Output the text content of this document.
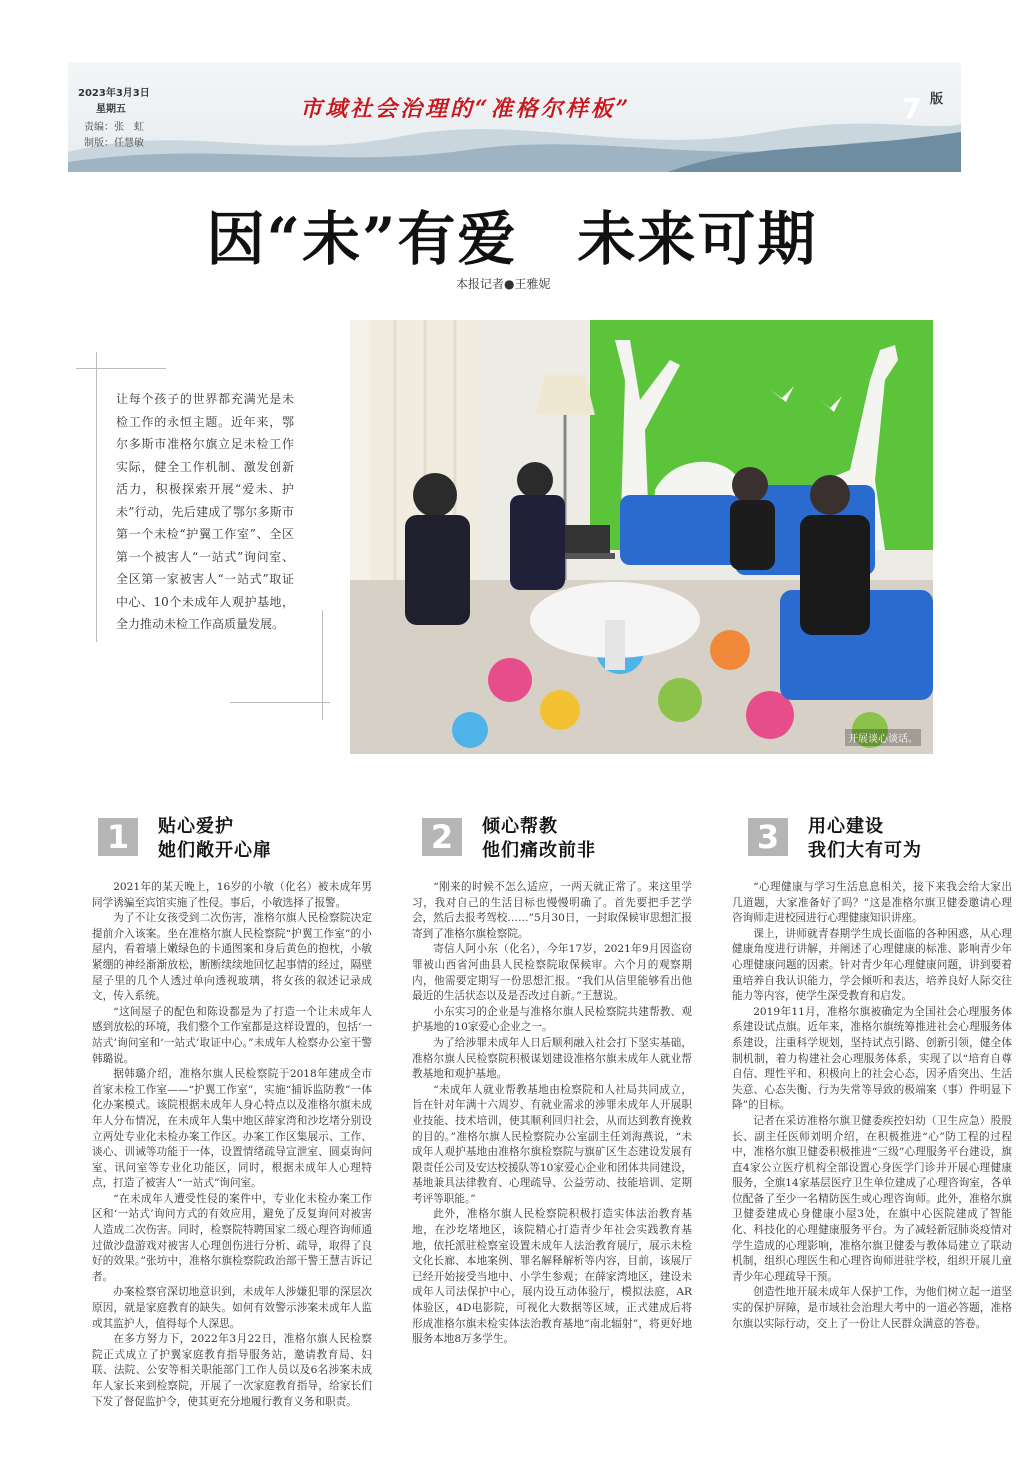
2023年3月3日
星期五
责编：张　虹
制版：任慧敏
市域社会治理的“准格尔样板”	7 版
因“未”有爱　未来可期
本报记者●王雅妮
让每个孩子的世界都充满光是未检工作的永恒主题。近年来，鄂尔多斯市准格尔旗立足未检工作实际，健全工作机制、激发创新活力，积极探索开展“爱未、护未”行动，先后建成了鄂尔多斯市第一个未检“护翼工作室”、全区第一个被害人“一站式”询问室、全区第一家被害人“一站式”取证中心、10个未成年人观护基地，全力推动未检工作高质量发展。
开展谈心谈话。
1	贴心爱护
她们敞开心扉	2	倾心帮教
他们痛改前非	3	用心建设
我们大有可为

2021年的某天晚上，16岁的小敏（化名）被未成年男同学诱骗至宾馆实施了性侵。事后，小敏选择了报警。

为了不让女孩受到二次伤害，准格尔旗人民检察院决定提前介入该案。坐在准格尔旗人民检察院“护翼工作室”的小屋内，看着墙上嫩绿色的卡通图案和身后黄色的抱枕，小敏紧绷的神经渐渐放松，断断续续地回忆起事情的经过，隔壁屋子里的几个人透过单向透视玻璃，将女孩的叙述记录成文，传入系统。

“这间屋子的配色和陈设都是为了打造一个让未成年人感到放松的环境，我们整个工作室都是这样设置的，包括‘一站式’询问室和‘一站式’取证中心。”未成年人检察办公室干警韩璐说。

据韩璐介绍，准格尔旗人民检察院于2018年建成全市首家未检工作室——“护翼工作室”，实施“捕诉监防教”一体化办案模式。该院根据未成年人身心特点以及准格尔旗未成年人分布情况，在未成年人集中地区薛家湾和沙圪堵分别设立两处专业化未检办案工作区。办案工作区集展示、工作、谈心、训诫等功能于一体，设置情绪疏导宣泄室、圆桌询问室、讯问室等专业化功能区，同时，根据未成年人心理特点，打造了被害人“一站式”询问室。

“在未成年人遭受性侵的案件中，专业化未检办案工作区和‘一站式’询问方式的有效应用，避免了反复询问对被害人造成二次伤害。同时，检察院特聘国家二级心理咨询师通过做沙盘游戏对被害人心理创伤进行分析、疏导，取得了良好的效果。”张坊中，准格尔旗检察院政治部干警王慧吉诉记者。

办案检察官深切地意识到，未成年人涉嫌犯罪的深层次原因，就是家庭教育的缺失。如何有效警示涉案未成年人监或其监护人，值得每个人深思。

在多方努力下，2022年3月22日，准格尔旗人民检察院正式成立了护翼家庭教育指导服务站，邀请教育局、妇联、法院、公安等相关职能部门工作人员以及6名涉案未成年人家长来到检察院，开展了一次家庭教育指导，给家长们下发了督促监护令，使其更充分地履行教育义务和职责。

“刚来的时候不怎么适应，一两天就正常了。来这里学习，我对自己的生活目标也慢慢明确了。首先要把手艺学会，然后去报考驾校……”5月30日，一封取保候审思想汇报寄到了准格尔旗检察院。

寄信人阿小东（化名），今年17岁，2021年9月因盗窃罪被山西省河曲县人民检察院取保候审。六个月的观察期内，他需要定期写一份思想汇报。“我们从信里能够看出他最近的生活状态以及是否改过自新。”王慧说。

小东实习的企业是与准格尔旗人民检察院共建帮教、观护基地的10家爱心企业之一。

为了给涉罪未成年人日后顺利融入社会打下坚实基础，准格尔旗人民检察院积极谋划建设准格尔旗未成年人就业帮教基地和观护基地。

“未成年人就业帮教基地由检察院和人社局共同成立，旨在针对年满十六周岁、有就业需求的涉罪未成年人开展职业技能、技术培训，使其顺利回归社会，从而达到教育挽救的目的。”准格尔旗人民检察院办公室副主任刘海燕说，“未成年人观护基地由准格尔旗检察院与旗矿区生态建设发展有限责任公司及安达校援队等10家爱心企业和团体共同建设，基地兼具法律教育、心理疏导、公益劳动、技能培训、定期考评等职能。”

此外，准格尔旗人民检察院积极打造实体法治教育基地，在沙圪堵地区，该院精心打造青少年社会实践教育基地，依托派驻检察室设置未成年人法治教育展厅，展示未检文化长廊、本地案例、罪名解释解析等内容，目前，该展厅已经开始接受当地中、小学生参观；在薛家湾地区，建设未成年人司法保护中心，展内设互动体验厅，模拟法庭，AR体验区，4D电影院，可视化大数据等区域，正式建成后将形成准格尔旗未检实体法治教育基地“南北辐射”，将更好地服务本地8万多学生。

“心理健康与学习生活息息相关，接下来我会给大家出几道题，大家准备好了吗？”这是准格尔旗卫健委邀请心理咨询师走进校园进行心理健康知识讲座。

课上，讲师就青春期学生成长面临的各种困惑，从心理健康角度进行讲解，并阐述了心理健康的标准、影响青少年心理健康问题的因素。针对青少年心理健康问题，讲到要着重培养自我认识能力，学会倾听和表达，培养良好人际交往能力等内容，使学生深受教育和启发。

2019年11月，准格尔旗被确定为全国社会心理服务体系建设试点旗。近年来，准格尔旗统筹推进社会心理服务体系建设，注重科学规划，坚持试点引路、创新引领，健全体制机制，着力构建社会心理服务体系，实现了以“培育自尊自信、理性平和、积极向上的社会心态，因矛盾突出、生活失意、心态失衡、行为失常等导致的极端案（事）件明显下降”的目标。

记者在采访准格尔旗卫健委疾控妇幼（卫生应急）股股长、副主任医师刘明介绍，在积极推进“心”防工程的过程中，准格尔旗卫健委积极推进“三级”心理服务平台建设，旗直4家公立医疗机构全部设置心身医学门诊并开展心理健康服务，全旗14家基层医疗卫生单位建成了心理咨询室，各单位配备了至少一名精防医生或心理咨询师。此外，准格尔旗卫健委建成心身健康小屋3处，在旗中心医院建成了智能化、科技化的心理健康服务平台。为了减轻新冠肺炎疫情对学生造成的心理影响，准格尔旗卫健委与教体局建立了联动机制，组织心理医生和心理咨询师进驻学校，组织开展儿童青少年心理疏导干预。

创造性地开展未成年人保护工作，为他们树立起一道坚实的保护屏障，是市域社会治理大考中的一道必答题，准格尔旗以实际行动，交上了一份让人民群众满意的答卷。
